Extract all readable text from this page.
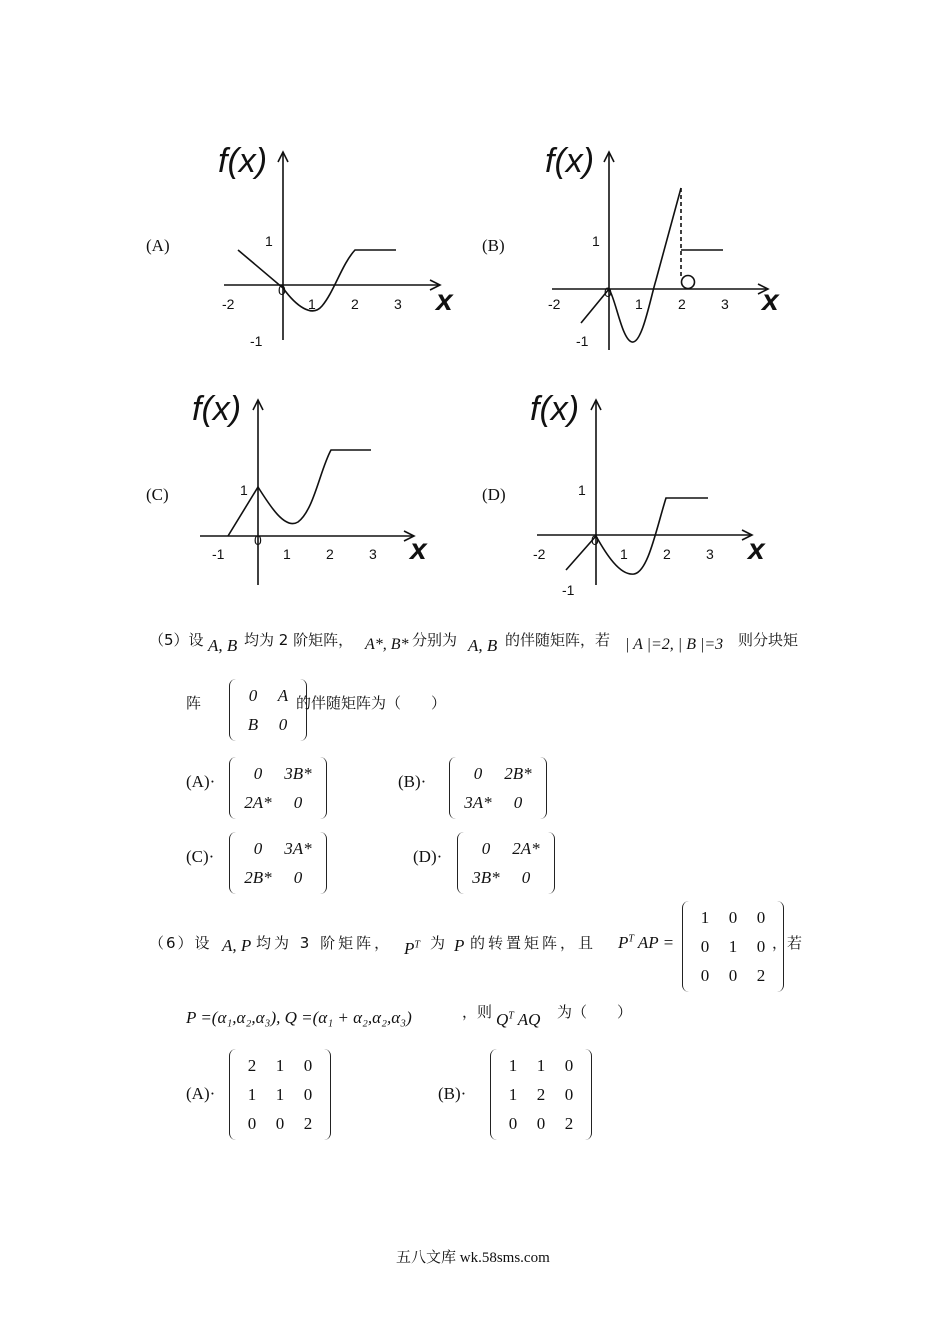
(A)
f(x)
x
-2
0
1	2	3
1
-1
(B)
f(x)
x
-2
0
1	2	3
1
-1
(C)
f(x)
x
-1
0
1	2	3
1	(D)
f(x)
x
-2
0
1	2	3
1
-1
（5）设 A, B 均为 2 阶矩阵， A*, B* 分别为 A, B 的伴随矩阵，若 | A |=2, | B |=3 则分块矩
阵	0	A
B	0
的伴随矩阵为（　　）
(A)·	0	3B*
2A*	0
(B)·	0	2B*
3A*	0
(C)·	0	3A*
2B*	0
(D)·	0	2A*
3B*	0
（6）设 A, P 均为 3 阶矩阵， $P^T$ 为 P 的转置矩阵，且 $P^T$ AP =
1	0	0
0	1	0
0	0	2
，若
P =(α₁,α₂,α₃), Q =(α₁ + α₂,α₂,α₃)	，则 $Q^T$ AQ 为（　　）
(A)·
2	1	0
1	1	0
0	0	2
(B)·
1	1	0
1	2	0
0	0	2
五八文库 wk.58sms.com
